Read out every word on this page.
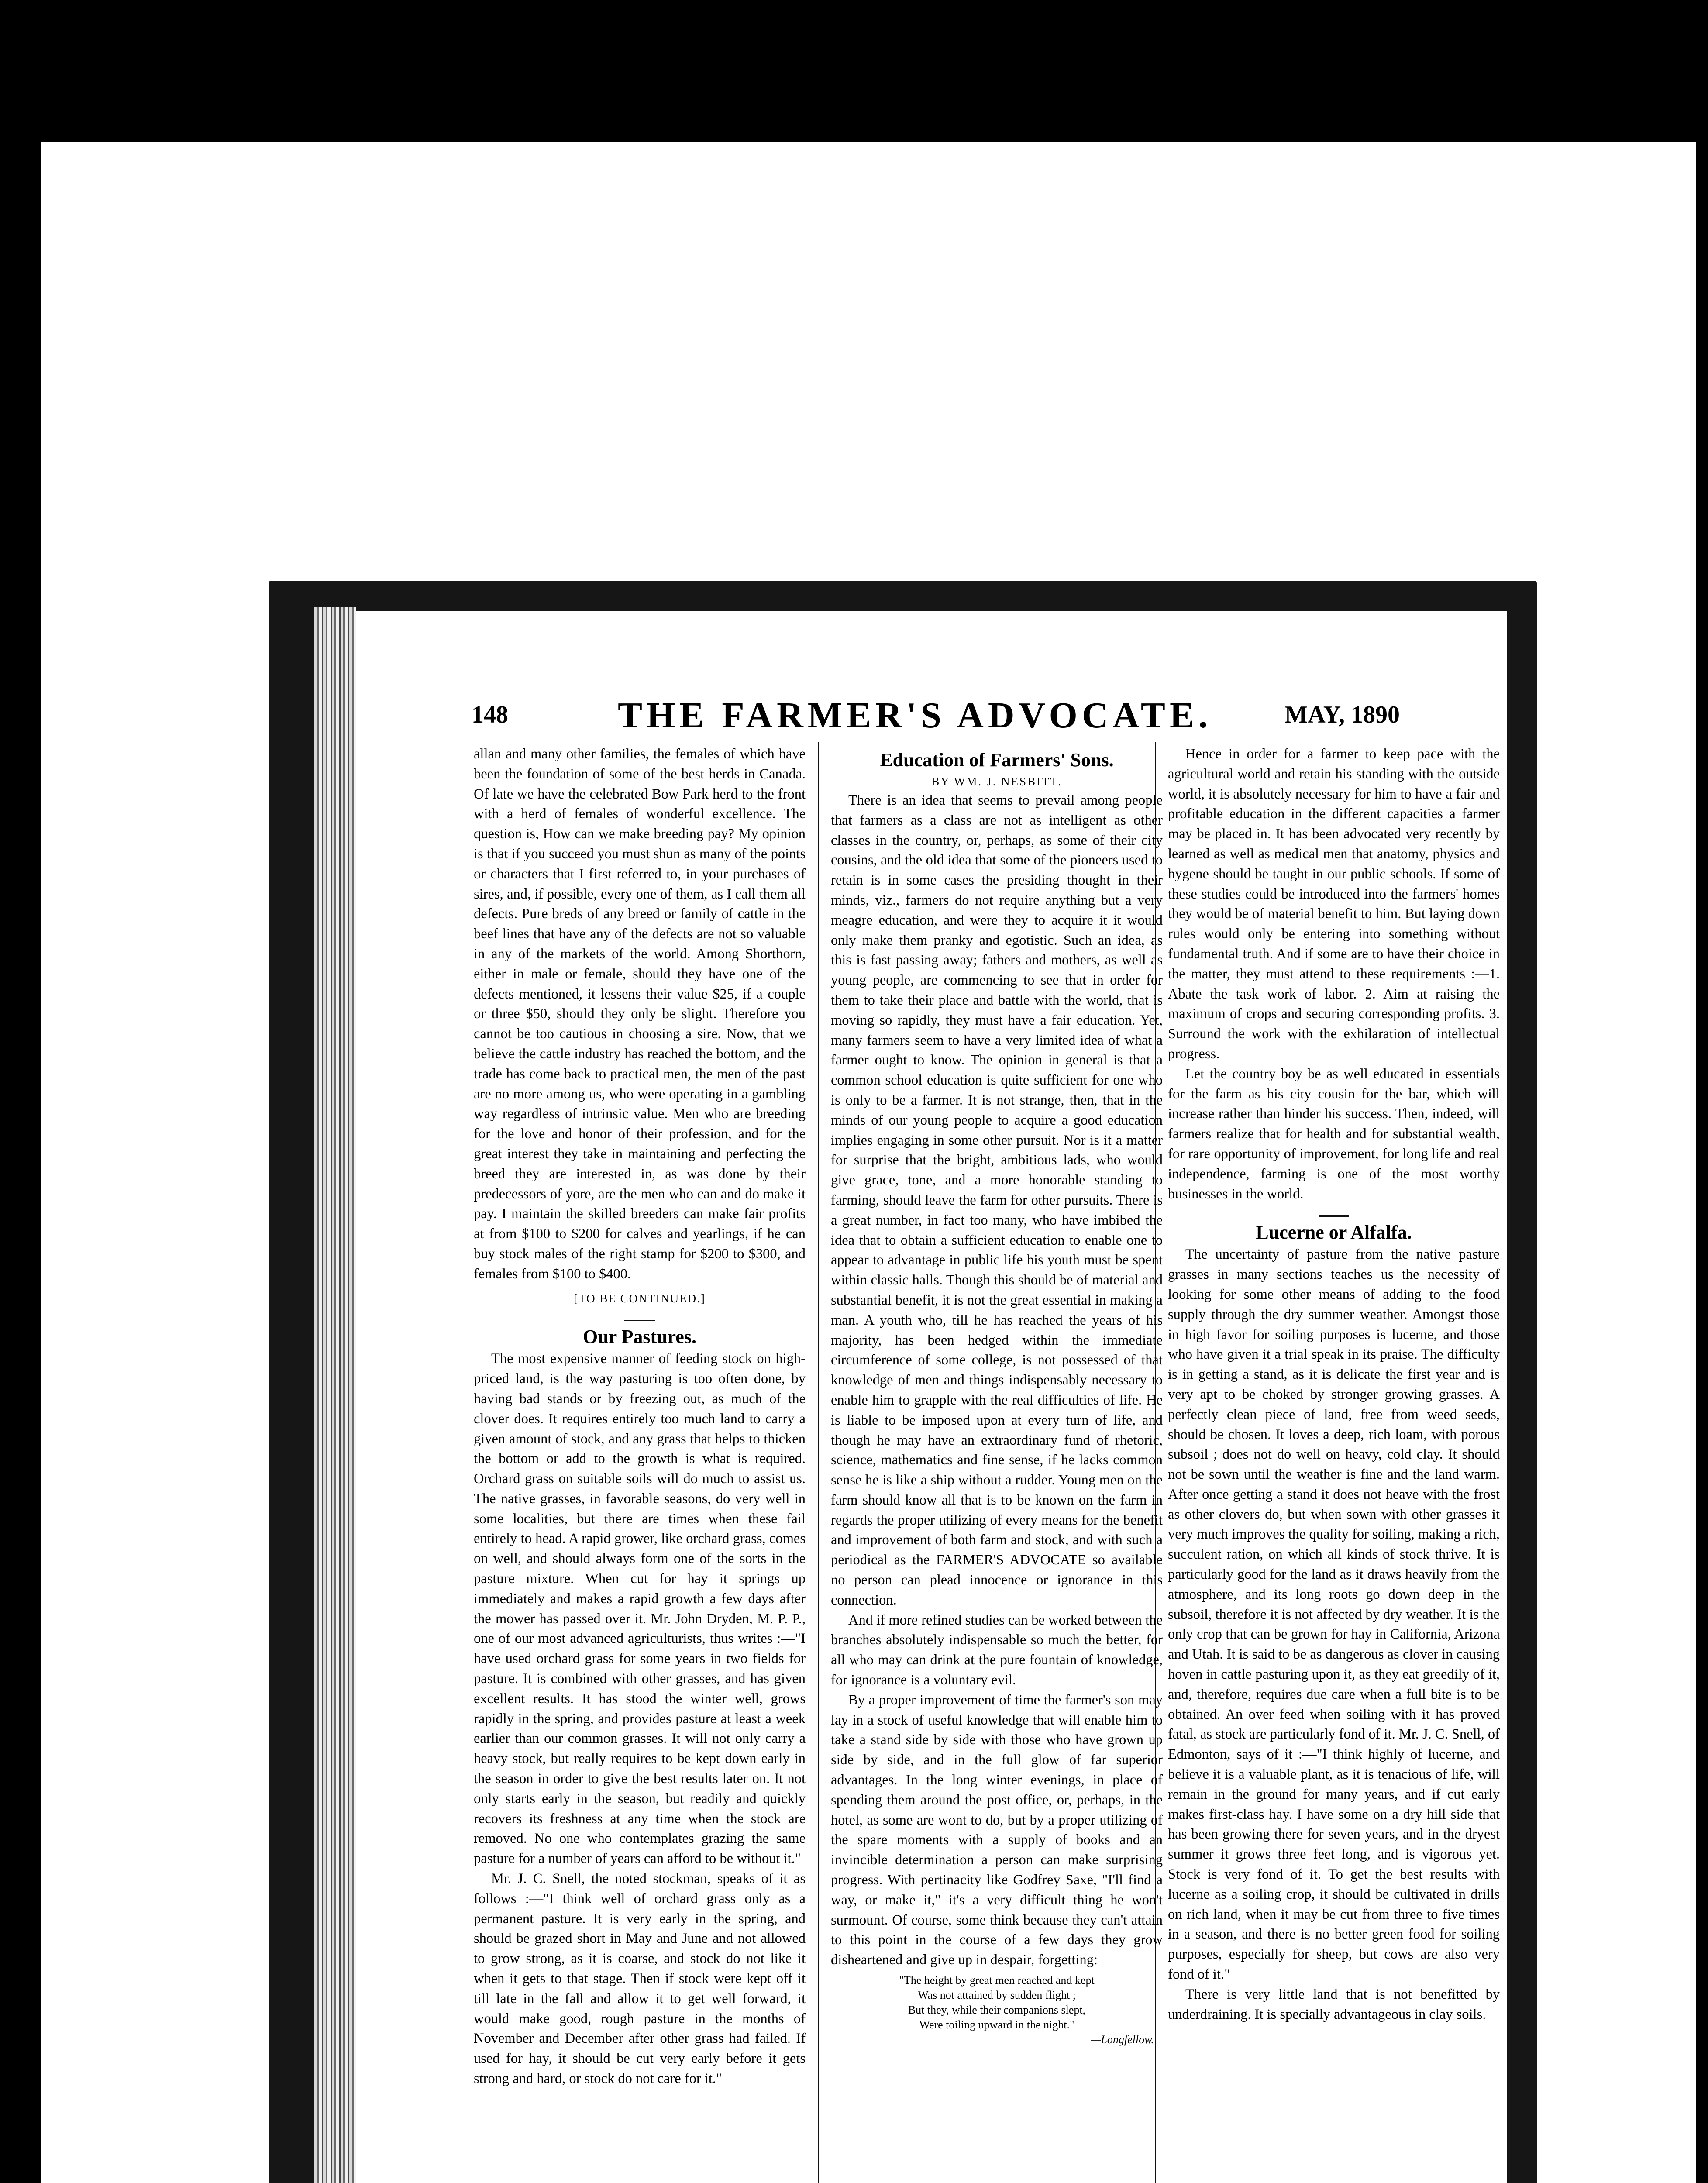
148	THE FARMER'S ADVOCATE.	MAY, 1890

allan and many other families, the females of which have been the foundation of some of the best herds in Canada. Of late we have the celebrated Bow Park herd to the front with a herd of females of wonderful excellence. The question is, How can we make breeding pay? My opinion is that if you succeed you must shun as many of the points or characters that I first referred to, in your purchases of sires, and, if possible, every one of them, as I call them all defects. Pure breds of any breed or family of cattle in the beef lines that have any of the defects are not so valuable in any of the markets of the world. Among Shorthorn, either in male or female, should they have one of the defects mentioned, it lessens their value $25, if a couple or three $50, should they only be slight. Therefore you cannot be too cautious in choosing a sire. Now, that we believe the cattle industry has reached the bottom, and the trade has come back to practical men, the men of the past are no more among us, who were operating in a gambling way regardless of intrinsic value. Men who are breeding for the love and honor of their profession, and for the great interest they take in maintaining and perfecting the breed they are interested in, as was done by their predecessors of yore, are the men who can and do make it pay. I maintain the skilled breeders can make fair profits at from $100 to $200 for calves and yearlings, if he can buy stock males of the right stamp for $200 to $300, and females from $100 to $400.

[TO BE CONTINUED.]
Our Pastures.

The most expensive manner of feeding stock on high-priced land, is the way pasturing is too often done, by having bad stands or by freezing out, as much of the clover does. It requires entirely too much land to carry a given amount of stock, and any grass that helps to thicken the bottom or add to the growth is what is required. Orchard grass on suitable soils will do much to assist us. The native grasses, in favorable seasons, do very well in some localities, but there are times when these fail entirely to head. A rapid grower, like orchard grass, comes on well, and should always form one of the sorts in the pasture mixture. When cut for hay it springs up immediately and makes a rapid growth a few days after the mower has passed over it. Mr. John Dryden, M. P. P., one of our most advanced agriculturists, thus writes :—"I have used orchard grass for some years in two fields for pasture. It is combined with other grasses, and has given excellent results. It has stood the winter well, grows rapidly in the spring, and provides pasture at least a week earlier than our common grasses. It will not only carry a heavy stock, but really requires to be kept down early in the season in order to give the best results later on. It not only starts early in the season, but readily and quickly recovers its freshness at any time when the stock are removed. No one who contemplates grazing the same pasture for a number of years can afford to be without it."

Mr. J. C. Snell, the noted stockman, speaks of it as follows :—"I think well of orchard grass only as a permanent pasture. It is very early in the spring, and should be grazed short in May and June and not allowed to grow strong, as it is coarse, and stock do not like it when it gets to that stage. Then if stock were kept off it till late in the fall and allow it to get well forward, it would make good, rough pasture in the months of November and December after other grass had failed. If used for hay, it should be cut very early before it gets strong and hard, or stock do not care for it."

Education of Farmers' Sons.
BY WM. J. NESBITT.

There is an idea that seems to prevail among people that farmers as a class are not as intelligent as other classes in the country, or, perhaps, as some of their city cousins, and the old idea that some of the pioneers used to retain is in some cases the presiding thought in their minds, viz., farmers do not require anything but a very meagre education, and were they to acquire it it would only make them pranky and egotistic. Such an idea, as this is fast passing away; fathers and mothers, as well as young people, are commencing to see that in order for them to take their place and battle with the world, that is moving so rapidly, they must have a fair education. Yet, many farmers seem to have a very limited idea of what a farmer ought to know. The opinion in general is that a common school education is quite sufficient for one who is only to be a farmer. It is not strange, then, that in the minds of our young people to acquire a good education implies engaging in some other pursuit. Nor is it a matter for surprise that the bright, ambitious lads, who would give grace, tone, and a more honorable standing to farming, should leave the farm for other pursuits. There is a great number, in fact too many, who have imbibed the idea that to obtain a sufficient education to enable one to appear to advantage in public life his youth must be spent within classic halls. Though this should be of material and substantial benefit, it is not the great essential in making a man. A youth who, till he has reached the years of his majority, has been hedged within the immediate circumference of some college, is not possessed of that knowledge of men and things indispensably necessary to enable him to grapple with the real difficulties of life. He is liable to be imposed upon at every turn of life, and though he may have an extraordinary fund of rhetoric, science, mathematics and fine sense, if he lacks common sense he is like a ship without a rudder. Young men on the farm should know all that is to be known on the farm in regards the proper utilizing of every means for the benefit and improvement of both farm and stock, and with such a periodical as the FARMER'S ADVOCATE so available no person can plead innocence or ignorance in this connection.

And if more refined studies can be worked between the branches absolutely indispensable so much the better, for all who may can drink at the pure fountain of knowledge, for ignorance is a voluntary evil.

By a proper improvement of time the farmer's son may lay in a stock of useful knowledge that will enable him to take a stand side by side with those who have grown up side by side, and in the full glow of far superior advantages. In the long winter evenings, in place of spending them around the post office, or, perhaps, in the hotel, as some are wont to do, but by a proper utilizing of the spare moments with a supply of books and an invincible determination a person can make surprising progress. With pertinacity like Godfrey Saxe, "I'll find a way, or make it," it's a very difficult thing he won't surmount. Of course, some think because they can't attain to this point in the course of a few days they grow disheartened and give up in despair, forgetting:

"The height by great men reached and kept
Was not attained by sudden flight ;
But they, while their companions slept,
Were toiling upward in the night."
—Longfellow.

Hence in order for a farmer to keep pace with the agricultural world and retain his standing with the outside world, it is absolutely necessary for him to have a fair and profitable education in the different capacities a farmer may be placed in. It has been advocated very recently by learned as well as medical men that anatomy, physics and hygene should be taught in our public schools. If some of these studies could be introduced into the farmers' homes they would be of material benefit to him. But laying down rules would only be entering into something without fundamental truth. And if some are to have their choice in the matter, they must attend to these requirements :—1. Abate the task work of labor. 2. Aim at raising the maximum of crops and securing corresponding profits. 3. Surround the work with the exhilaration of intellectual progress.

Let the country boy be as well educated in essentials for the farm as his city cousin for the bar, which will increase rather than hinder his success. Then, indeed, will farmers realize that for health and for substantial wealth, for rare opportunity of improvement, for long life and real independence, farming is one of the most worthy businesses in the world.

Lucerne or Alfalfa.

The uncertainty of pasture from the native pasture grasses in many sections teaches us the necessity of looking for some other means of adding to the food supply through the dry summer weather. Amongst those in high favor for soiling purposes is lucerne, and those who have given it a trial speak in its praise. The difficulty is in getting a stand, as it is delicate the first year and is very apt to be choked by stronger growing grasses. A perfectly clean piece of land, free from weed seeds, should be chosen. It loves a deep, rich loam, with porous subsoil ; does not do well on heavy, cold clay. It should not be sown until the weather is fine and the land warm. After once getting a stand it does not heave with the frost as other clovers do, but when sown with other grasses it very much improves the quality for soiling, making a rich, succulent ration, on which all kinds of stock thrive. It is particularly good for the land as it draws heavily from the atmosphere, and its long roots go down deep in the subsoil, therefore it is not affected by dry weather. It is the only crop that can be grown for hay in California, Arizona and Utah. It is said to be as dangerous as clover in causing hoven in cattle pasturing upon it, as they eat greedily of it, and, therefore, requires due care when a full bite is to be obtained. An over feed when soiling with it has proved fatal, as stock are particularly fond of it. Mr. J. C. Snell, of Edmonton, says of it :—"I think highly of lucerne, and believe it is a valuable plant, as it is tenacious of life, will remain in the ground for many years, and if cut early makes first-class hay. I have some on a dry hill side that has been growing there for seven years, and in the dryest summer it grows three feet long, and is vigorous yet. Stock is very fond of it. To get the best results with lucerne as a soiling crop, it should be cultivated in drills on rich land, when it may be cut from three to five times in a season, and there is no better green food for soiling purposes, especially for sheep, but cows are also very fond of it."

There is very little land that is not benefitted by underdraining. It is specially advantageous in clay soils.
